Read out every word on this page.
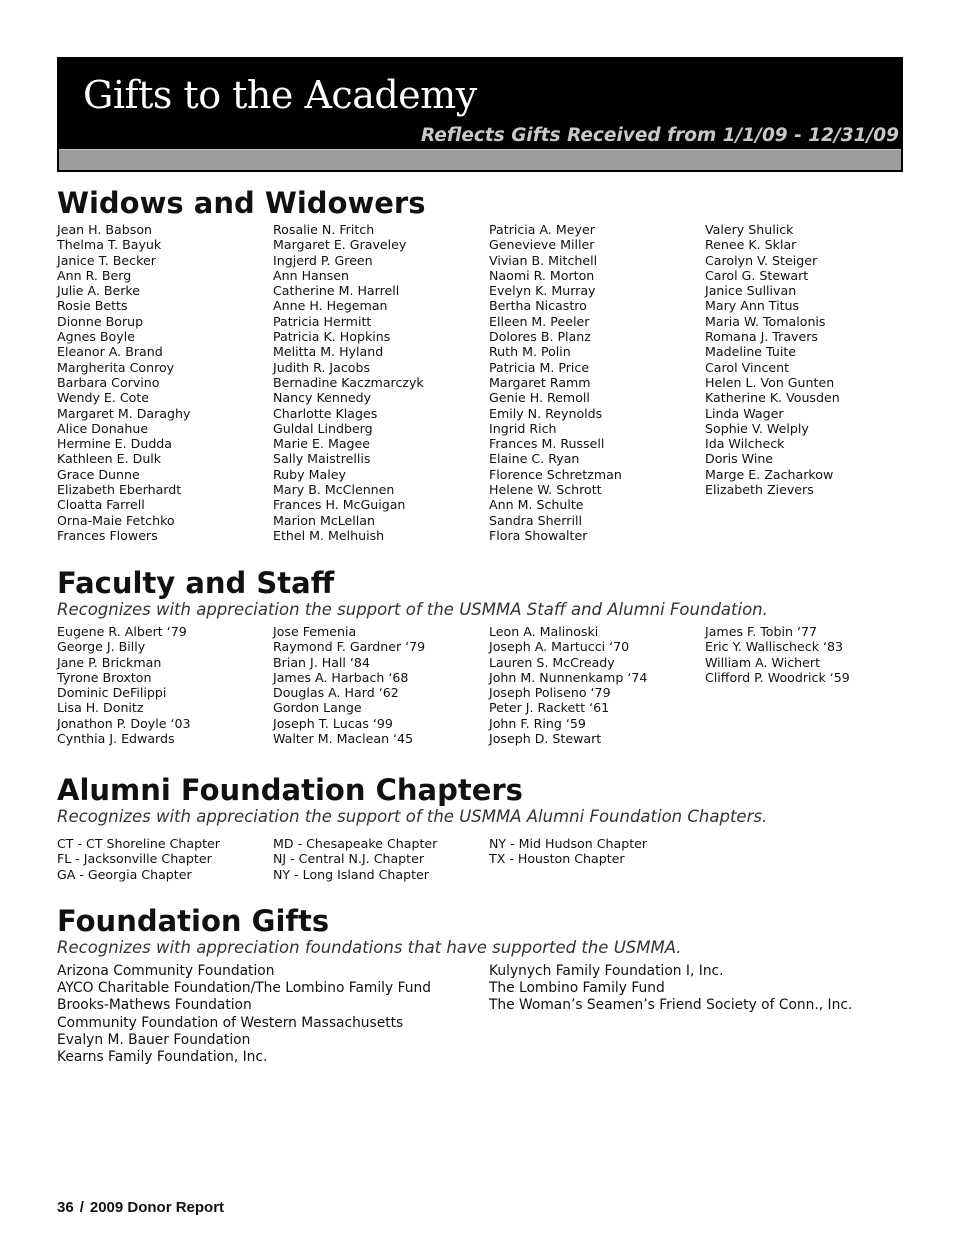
Gifts to the Academy
Reflects Gifts Received from 1/1/09 - 12/31/09
Widows and Widowers
Jean H. Babson
Thelma T. Bayuk
Janice T. Becker
Ann R. Berg
Julie A. Berke
Rosie Betts
Dionne Borup
Agnes Boyle
Eleanor A. Brand
Margherita Conroy
Barbara Corvino
Wendy E. Cote
Margaret M. Daraghy
Alice Donahue
Hermine E. Dudda
Kathleen E. Dulk
Grace Dunne
Elizabeth Eberhardt
Cloatta Farrell
Orna-Maie Fetchko
Frances Flowers
Rosalie N. Fritch
Margaret E. Graveley
Ingjerd P. Green
Ann Hansen
Catherine M. Harrell
Anne H. Hegeman
Patricia Hermitt
Patricia K. Hopkins
Melitta M. Hyland
Judith R. Jacobs
Bernadine Kaczmarczyk
Nancy Kennedy
Charlotte Klages
Guldal Lindberg
Marie E. Magee
Sally Maistrellis
Ruby Maley
Mary B. McClennen
Frances H. McGuigan
Marion McLellan
Ethel M. Melhuish
Patricia A. Meyer
Genevieve Miller
Vivian B. Mitchell
Naomi R. Morton
Evelyn K. Murray
Bertha Nicastro
Elleen M. Peeler
Dolores B. Planz
Ruth M. Polin
Patricia M. Price
Margaret Ramm
Genie H. Remoll
Emily N. Reynolds
Ingrid Rich
Frances M. Russell
Elaine C. Ryan
Florence Schretzman
Helene W. Schrott
Ann M. Schulte
Sandra Sherrill
Flora Showalter
Valery Shulick
Renee K. Sklar
Carolyn V. Steiger
Carol G. Stewart
Janice Sullivan
Mary Ann Titus
Maria W. Tomalonis
Romana J. Travers
Madeline Tuite
Carol Vincent
Helen L. Von Gunten
Katherine K. Vousden
Linda Wager
Sophie V. Welply
Ida Wilcheck
Doris Wine
Marge E. Zacharkow
Elizabeth Zievers
Faculty and Staff

Recognizes with appreciation the support of the USMMA Staff and Alumni Foundation.

Eugene R. Albert ‘79
George J. Billy
Jane P. Brickman
Tyrone Broxton
Dominic DeFilippi
Lisa H. Donitz
Jonathon P. Doyle ‘03
Cynthia J. Edwards
Jose Femenia
Raymond F. Gardner ‘79
Brian J. Hall ‘84
James A. Harbach ‘68
Douglas A. Hard ‘62
Gordon Lange
Joseph T. Lucas ‘99
Walter M. Maclean ‘45
Leon A. Malinoski
Joseph A. Martucci ‘70
Lauren S. McCready
John M. Nunnenkamp ‘74
Joseph Poliseno ‘79
Peter J. Rackett ‘61
John F. Ring ‘59
Joseph D. Stewart
James F. Tobin ‘77
Eric Y. Wallischeck ‘83
William A. Wichert
Clifford P. Woodrick ‘59
Alumni Foundation Chapters

Recognizes with appreciation the support of the USMMA Alumni Foundation Chapters.

CT - CT Shoreline Chapter
FL - Jacksonville Chapter
GA - Georgia Chapter
MD - Chesapeake Chapter
NJ - Central N.J. Chapter
NY - Long Island Chapter
NY - Mid Hudson Chapter
TX - Houston Chapter
Foundation Gifts

Recognizes with appreciation foundations that have supported the USMMA.

Arizona Community Foundation
AYCO Charitable Foundation/The Lombino Family Fund
Brooks-Mathews Foundation
Community Foundation of Western Massachusetts
Evalyn M. Bauer Foundation
Kearns Family Foundation, Inc.
Kulynych Family Foundation I, Inc.
The Lombino Family Fund
The Woman’s Seamen’s Friend Society of Conn., Inc.
36 / 2009 Donor Report
